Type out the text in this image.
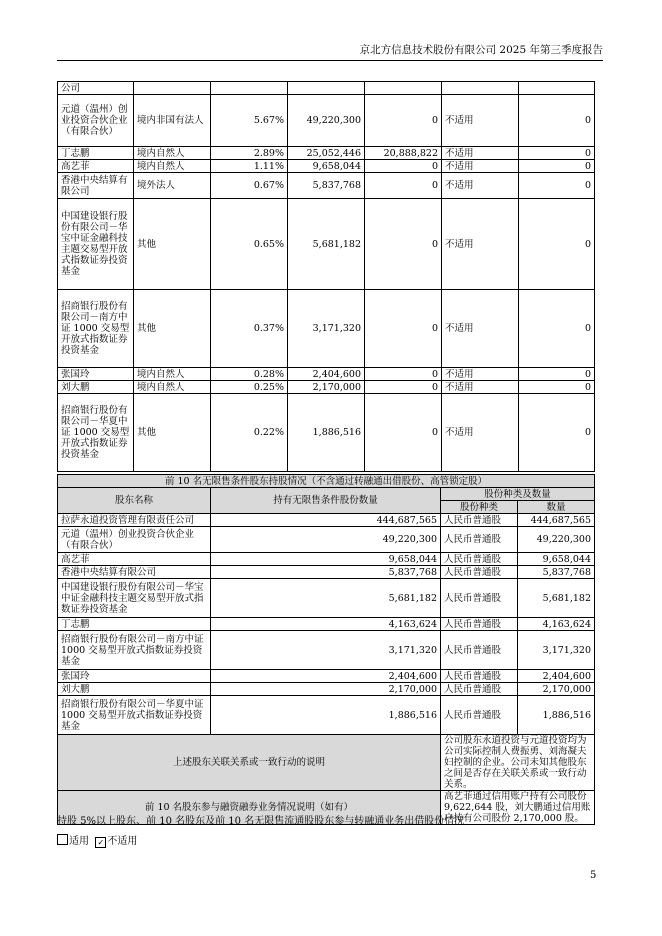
京北方信息技术股份有限公司 2025 年第三季度报告
公司						
元道（温州）创业投资合伙企业（有限合伙）	境内非国有法人	5.67%	49,220,300	0	不适用	0
丁志鹏	境内自然人	2.89%	25,052,446	20,888,822	不适用	0
高艺菲	境内自然人	1.11%	9,658,044	0	不适用	0
香港中央结算有限公司	境外法人	0.67%	5,837,768	0	不适用	0
中国建设银行股份有限公司－华宝中证金融科技主题交易型开放式指数证券投资基金	其他	0.65%	5,681,182	0	不适用	0
招商银行股份有限公司－南方中证 1000 交易型开放式指数证券投资基金	其他	0.37%	3,171,320	0	不适用	0
张国玲	境内自然人	0.28%	2,404,600	0	不适用	0
刘大鹏	境内自然人	0.25%	2,170,000	0	不适用	0
招商银行股份有限公司－华夏中证 1000 交易型开放式指数证券投资基金	其他	0.22%	1,886,516	0	不适用	0
前 10 名无限售条件股东持股情况（不含通过转融通出借股份、高管锁定股）			
股东名称	持有无限售条件股份数量	股份种类及数量	
		股份种类	数量
拉萨永道投资管理有限责任公司	444,687,565	人民币普通股	444,687,565
元道（温州）创业投资合伙企业（有限合伙）	49,220,300	人民币普通股	49,220,300
高艺菲	9,658,044	人民币普通股	9,658,044
香港中央结算有限公司	5,837,768	人民币普通股	5,837,768
中国建设银行股份有限公司－华宝中证金融科技主题交易型开放式指数证券投资基金	5,681,182	人民币普通股	5,681,182
丁志鹏	4,163,624	人民币普通股	4,163,624
招商银行股份有限公司－南方中证 1000 交易型开放式指数证券投资基金	3,171,320	人民币普通股	3,171,320
张国玲	2,404,600	人民币普通股	2,404,600
刘大鹏	2,170,000	人民币普通股	2,170,000
招商银行股份有限公司－华夏中证 1000 交易型开放式指数证券投资基金	1,886,516	人民币普通股	1,886,516
上述股东关联关系或一致行动的说明		公司股东永道投资与元道投资均为公司实际控制人费振勇、刘海凝夫妇控制的企业。公司未知其他股东之间是否存在关联关系或一致行动关系。	
前 10 名股东参与融资融券业务情况说明（如有）		高艺菲通过信用账户持有公司股份 9,622,644 股，刘大鹏通过信用账户持有公司股份 2,170,000 股。	
持股 5%以上股东、前 10 名股东及前 10 名无限售流通股股东参与转融通业务出借股份情况
适用 ✓ 不适用
5
